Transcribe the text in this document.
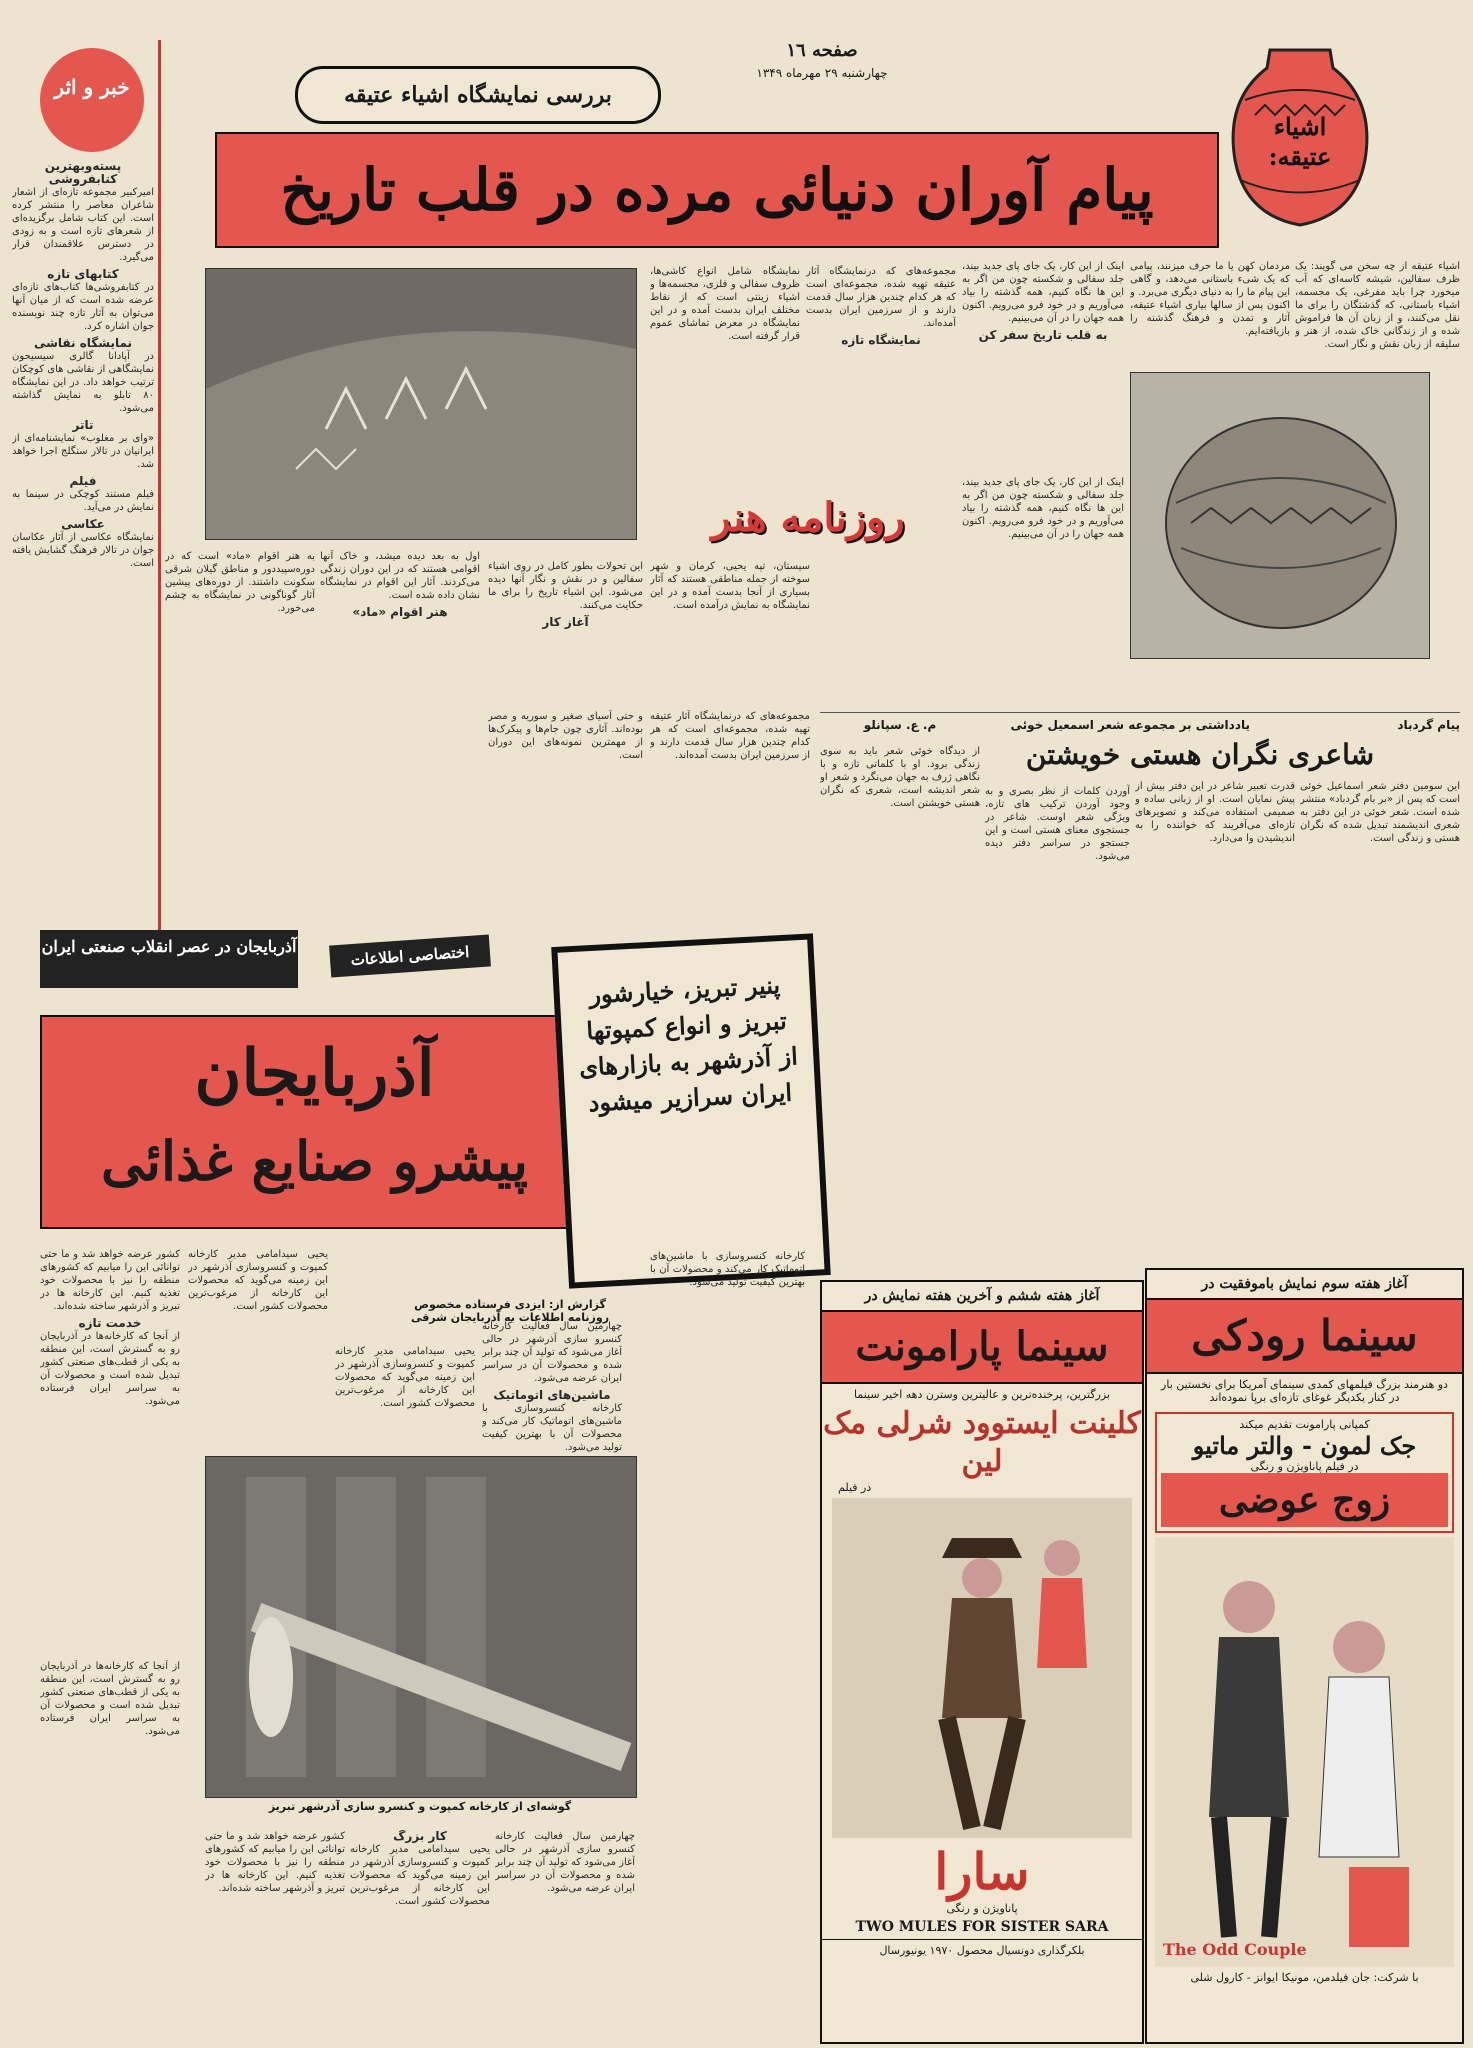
خبر و اثر
صفحه ١٦
چهارشنبه ۲۹ مهرماه ۱۳۴۹
بررسی نمایشگاه اشیاء عتیقه
اشیاء عتیقه:
پیام آوران دنیائی مرده در قلب تاریخ
پسته‌و‌بهترین کتابفروشی

امیرکبیر مجموعه تازه‌ای از اشعار شاعران معاصر را منتشر کرده است. این کتاب شامل برگزیده‌ای از شعرهای تازه است و به زودی در دسترس علاقمندان قرار می‌گیرد.

کتابهای تازه

در کتابفروشی‌ها کتاب‌های تازه‌ای عرضه شده است که از میان آنها می‌توان به آثار تازه چند نویسنده جوان اشاره کرد.

نمایشگاه نقاشی

در آپادانا گالری سیسیحون نمایشگاهی از نقاشی های کوچکان ترتیب خواهد داد. در این نمایشگاه ۸۰ تابلو به نمایش گذاشته می‌شود.

تاتر

«وای بر مغلوب» نمایشنامه‌ای از ایرانیان در تالار سنگلج اجرا خواهد شد.

فیلم

فیلم مستند کوچکی در سینما به نمایش در می‌آید.

عکاسی

نمایشگاه عکاسی از آثار عکاسان جوان در تالار فرهنگ گشایش یافته است.

اشیاء عتیقه از چه سخن می گویند: یک ظرف سفالین، شیشه کاسه‌ای که آب میخورد چرا باید مفرغی، یک مجسمه، اشیاء باستانی، که گذشتگان را برای ما نقل می‌کنند، و از زبان آن ها فراموش شده و از زندگانی خاک شده، از هنر و سلیقه از زبان نقش و نگار است.
مردمان کهن یا ما حرف میزنند، پیامی که یک شیء باستانی می‌دهد، و گاهی این پیام ما را به دنیای دیگری می‌برد. و اکنون پس از سالها بیاری اشیاء عتیقه، آثار و تمدن و فرهنگ گذشته را بازیافته‌ایم.

اینک از این کار، یک جای پای جدید بیند، جلد سفالی و شکسته چون من اگر به این ها نگاه کنیم، همه گذشته را بیاد می‌آوریم و در خود فرو می‌رویم. اکنون همه جهان را در آن می‌بینیم.

به قلب تاریخ سفر کن

مجموعه‌های که درنمایشگاه آثار عتیقه تهیه شده، مجموعه‌ای است که هر کدام چندین هزار سال قدمت دارند و از سرزمین ایران بدست آمده‌اند.

نمایشگاه تازه
نمایشگاه شامل انواع کاشی‌ها، ظروف سفالی و فلزی، مجسمه‌ها و اشیاء زینتی است که از نقاط مختلف ایران بدست آمده و در این نمایشگاه در معرض تماشای عموم قرار گرفته است.
روزنامه هنر
اینک از این کار، یک جای پای جدید بیند، جلد سفالی و شکسته چون من اگر به این ها نگاه کنیم، همه گذشته را بیاد می‌آوریم و در خود فرو می‌رویم. اکنون همه جهان را در آن می‌بینیم.
سیستان، تپه یحیی، کرمان و شهر سوخته از جمله مناطقی هستند که آثار بسیاری از آنجا بدست آمده و در این نمایشگاه به نمایش درآمده است.

این تحولات بطور کامل در روی اشیاء سفالین و در نقش و نگار آنها دیده می‌شود. این اشیاء تاریخ را برای ما حکایت می‌کنند.

آغاز کار
به هنر اقوام «ماد» است که در دوره‌سپیددور و مناطق گیلان شرقی سکونت داشتند. از دوره‌های پیشین آثار گوناگونی در نمایشگاه به چشم می‌خورد.

اول به بعد دیده میشد، و خاک آنها اقوامی هستند که در این دوران زندگی می‌کردند. آثار این اقوام در نمایشگاه نشان داده شده است.

هنر اقوام «ماد»
و حتی آسیای صغیر و سوریه و مصر بوده‌اند. آثاری چون جام‌ها و پیکرک‌ها از مهمترین نمونه‌های این دوران است.
مجموعه‌های که درنمایشگاه آثار عتیقه تهیه شده، مجموعه‌ای است که هر کدام چندین هزار سال قدمت دارند و از سرزمین ایران بدست آمده‌اند.
پیام گردباد
یادداشتی بر مجموعه شعر اسمعیل خوئی
شاعری نگران هستی خویشتن
م. ع. سپانلو
این سومین دفتر شعر اسماعیل خوئی است که پس از «بر بام گردباد» منتشر شده است. شعر خوئی در این دفتر به شعری اندیشمند تبدیل شده که نگران هستی و زندگی است.
قدرت تعبیر شاعر در این دفتر بیش از پیش نمایان است. او از زبانی ساده و صمیمی استفاده می‌کند و تصویرهای تازه‌ای می‌آفریند که خواننده را به اندیشیدن وا می‌دارد.
آوردن کلمات از نظر بصری و به وجود آوردن ترکیب های تازه، ویژگی شعر اوست. شاعر در جستجوی معنای هستی است و این جستجو در سراسر دفتر دیده می‌شود.
از دیدگاه خوئی شعر باید به سوی زندگی برود. او با کلماتی تازه و با نگاهی ژرف به جهان می‌نگرد و شعر او شعر اندیشه است، شعری که نگران هستی خویشتن است.
آذربایجان در عصر انقلاب صنعتی ایران	اختصاصی اطلاعات
آذربایجان
پیشرو صنایع غذائی
پنیر تبریز، خیارشور تبریز و انواع کمپوتها از آذرشهر به بازارهای ایران سرازیر میشود
گزارش از: ایزدی فرستاده مخصوص روزنامه اطلاعات به آذربایجان شرقی

کشور عرضه خواهد شد و ما حتی توانائی این را میابیم که کشورهای منطقه را نیز با محصولات خود تغذیه کنیم. این کارخانه ها در تبریز و آذرشهر ساخته شده‌اند.

خدمت تازه

از آنجا که کارخانه‌ها در آذربایجان رو به گسترش است، این منطقه به یکی از قطب‌های صنعتی کشور تبدیل شده است و محصولات آن به سراسر ایران فرستاده می‌شود.

یحیی سیدامامی مدیر کارخانه کمپوت و کنسروسازی آذرشهر در این زمینه می‌گوید که محصولات این کارخانه از مرغوب‌ترین محصولات کشور است.
یحیی سیدامامی مدیر کارخانه کمپوت و کنسروسازی آذرشهر در این زمینه می‌گوید که محصولات این کارخانه از مرغوب‌ترین محصولات کشور است.

چهارمین سال فعالیت کارخانه کنسرو سازی آذرشهر در حالی آغاز می‌شود که تولید آن چند برابر شده و محصولات آن در سراسر ایران عرضه می‌شود.

ماشین‌های اتوماتیک

کارخانه کنسروسازی با ماشین‌های اتوماتیک کار می‌کند و محصولات آن با بهترین کیفیت تولید می‌شود.

گوشه‌ای از کارخانه کمپوت و کنسرو سازی آذرشهر تبریز
از آنجا که کارخانه‌ها در آذربایجان رو به گسترش است، این منطقه به یکی از قطب‌های صنعتی کشور تبدیل شده است و محصولات آن به سراسر ایران فرستاده می‌شود.
کشور عرضه خواهد شد و ما حتی توانائی این را میابیم که کشورهای منطقه را نیز با محصولات خود تغذیه کنیم. این کارخانه ها در تبریز و آذرشهر ساخته شده‌اند.
کار بزرگ

یحیی سیدامامی مدیر کارخانه کمپوت و کنسروسازی آذرشهر در این زمینه می‌گوید که محصولات این کارخانه از مرغوب‌ترین محصولات کشور است.

چهارمین سال فعالیت کارخانه کنسرو سازی آذرشهر در حالی آغاز می‌شود که تولید آن چند برابر شده و محصولات آن در سراسر ایران عرضه می‌شود.
کارخانه کنسروسازی با ماشین‌های اتوماتیک کار می‌کند و محصولات آن با بهترین کیفیت تولید می‌شود.
آغاز هفته ششم و آخرین هفته نمایش در
سینما پارامونت
بزرگترین، پرخنده‌ترین و عالیترین وسترن دهه اخیر سینما
کلینت ایستوود شرلی مک لین
در فیلم
سارا
پاناویژن و رنگی
TWO MULES FOR SISTER SARA
بلکرگذاری دونسیال محصول ۱۹۷۰ یونیورسال
آغاز هفته سوم نمایش باموفقیت در
سینما رودکی
دو هنرمند بزرگ فیلمهای کمدی سینمای آمریکا برای نخستین بار در کنار یکدیگر غوغای تازه‌ای برپا نموده‌اند
کمپانی پارامونت تقدیم میکند
جک لمون - والتر ماتیو
در فیلم پاناویژن و رنگی
زوج عوضی
The Odd Couple
با شرکت: جان فیلدمن، مونیکا ایوانز - کارول شلی
